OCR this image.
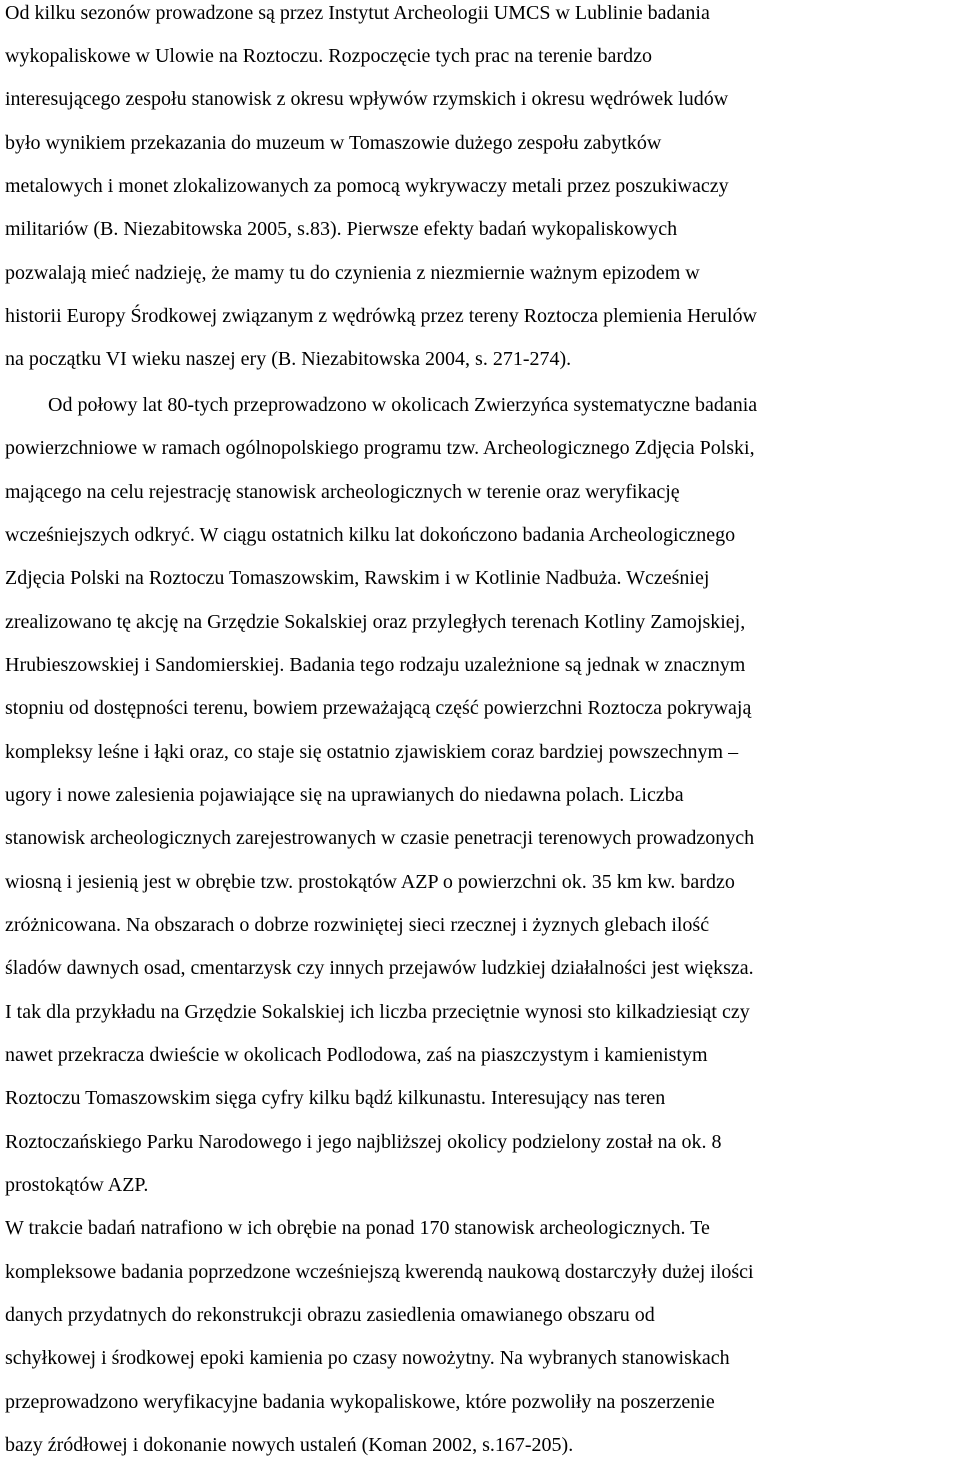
Od kilku sezonów prowadzone są przez Instytut Archeologii UMCS w Lublinie badania
wykopaliskowe w Ulowie na Roztoczu. Rozpoczęcie tych prac na terenie bardzo
interesującego zespołu stanowisk z okresu wpływów rzymskich i okresu wędrówek ludów
było wynikiem przekazania do muzeum w Tomaszowie dużego zespołu zabytków
metalowych i monet zlokalizowanych za pomocą wykrywaczy metali przez poszukiwaczy
militariów (B. Niezabitowska 2005, s.83). Pierwsze efekty badań wykopaliskowych
pozwalają mieć nadzieję, że mamy tu do czynienia z niezmiernie ważnym epizodem w
historii Europy Środkowej związanym z wędrówką przez tereny Roztocza plemienia Herulów
na początku VI wieku naszej ery (B. Niezabitowska 2004, s. 271-274).
Od połowy lat 80-tych przeprowadzono w okolicach Zwierzyńca systematyczne badania
powierzchniowe w ramach ogólnopolskiego programu tzw. Archeologicznego Zdjęcia Polski,
mającego na celu rejestrację stanowisk archeologicznych w terenie oraz weryfikację
wcześniejszych odkryć. W ciągu ostatnich kilku lat dokończono badania Archeologicznego
Zdjęcia Polski na Roztoczu Tomaszowskim, Rawskim i w Kotlinie Nadbuża. Wcześniej
zrealizowano tę akcję na Grzędzie Sokalskiej oraz przyległych terenach Kotliny Zamojskiej,
Hrubieszowskiej i Sandomierskiej. Badania tego rodzaju uzależnione są jednak w znacznym
stopniu od dostępności terenu, bowiem przeważającą część powierzchni Roztocza pokrywają
kompleksy leśne i łąki oraz, co staje się ostatnio zjawiskiem coraz bardziej powszechnym –
ugory i nowe zalesienia pojawiające się na uprawianych do niedawna polach. Liczba
stanowisk archeologicznych zarejestrowanych w czasie penetracji terenowych prowadzonych
wiosną i jesienią jest w obrębie tzw. prostokątów AZP o powierzchni ok. 35 km kw. bardzo
zróżnicowana. Na obszarach o dobrze rozwiniętej sieci rzecznej i żyznych glebach ilość
śladów dawnych osad, cmentarzysk czy innych przejawów ludzkiej działalności jest większa.
I tak dla przykładu na Grzędzie Sokalskiej ich liczba przeciętnie wynosi sto kilkadziesiąt czy
nawet przekracza dwieście w okolicach Podlodowa, zaś na piaszczystym i kamienistym
Roztoczu Tomaszowskim sięga cyfry kilku bądź kilkunastu. Interesujący nas teren
Roztoczańskiego Parku Narodowego i jego najbliższej okolicy podzielony został na ok. 8
prostokątów AZP.
W trakcie badań natrafiono w ich obrębie na ponad 170 stanowisk archeologicznych. Te
kompleksowe badania poprzedzone wcześniejszą kwerendą naukową dostarczyły dużej ilości
danych przydatnych do rekonstrukcji obrazu zasiedlenia omawianego obszaru od
schyłkowej i środkowej epoki kamienia po czasy nowożytny. Na wybranych stanowiskach
przeprowadzono weryfikacyjne badania wykopaliskowe, które pozwoliły na poszerzenie
bazy źródłowej i dokonanie nowych ustaleń (Koman 2002, s.167-205).
